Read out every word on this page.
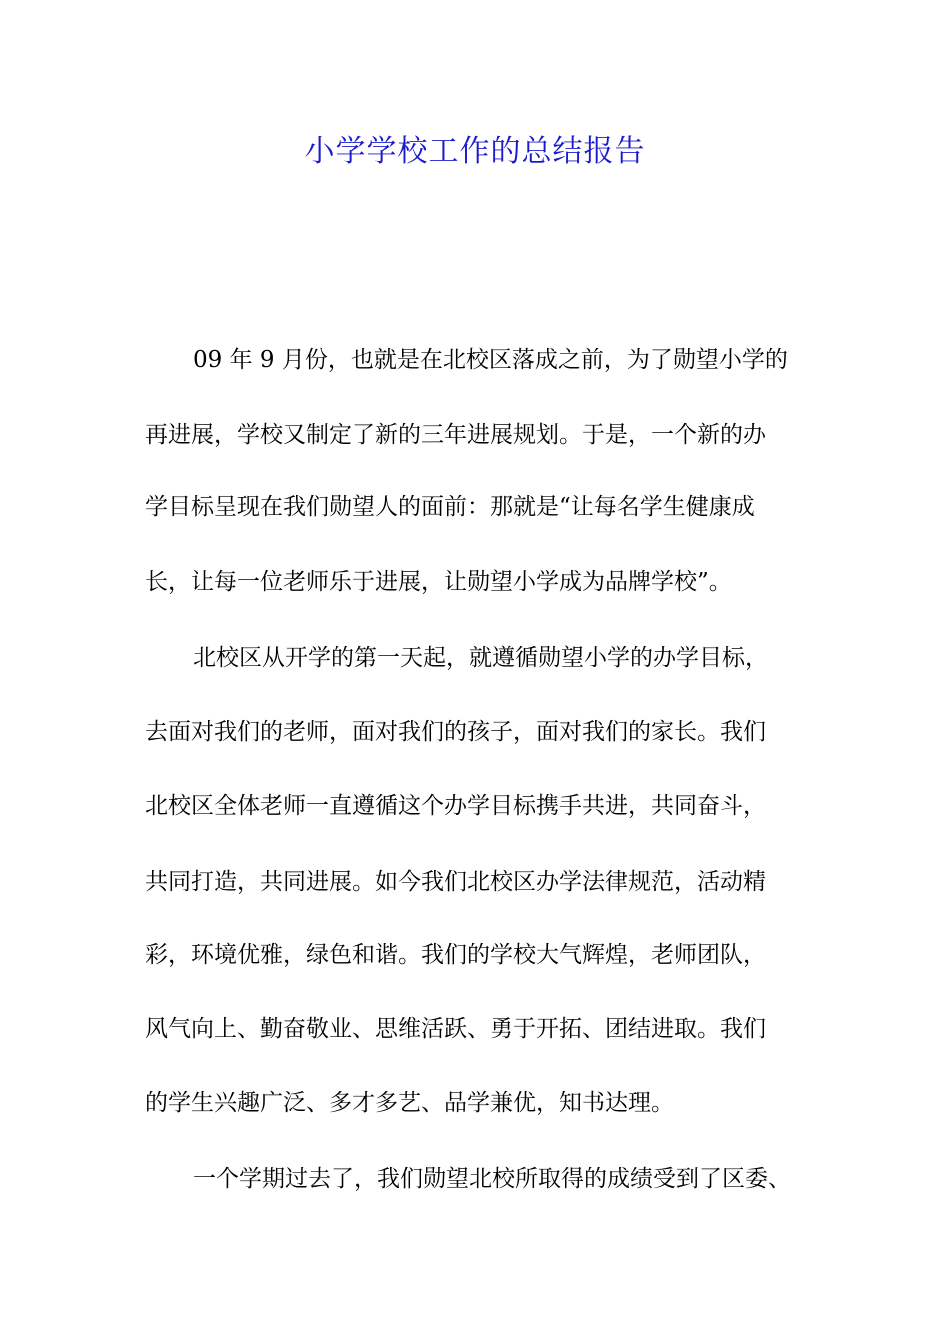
小学学校工作的总结报告
09 年 9 月份，也就是在北校区落成之前，为了勋望小学的
再进展，学校又制定了新的三年进展规划。于是，一个新的办
学目标呈现在我们勋望人的面前：那就是“让每名学生健康成
长，让每一位老师乐于进展，让勋望小学成为品牌学校”。
北校区从开学的第一天起，就遵循勋望小学的办学目标，
去面对我们的老师，面对我们的孩子，面对我们的家长。我们
北校区全体老师一直遵循这个办学目标携手共进，共同奋斗，
共同打造，共同进展。如今我们北校区办学法律规范，活动精
彩，环境优雅，绿色和谐。我们的学校大气辉煌，老师团队，
风气向上、勤奋敬业、思维活跃、勇于开拓、团结进取。我们
的学生兴趣广泛、多才多艺、品学兼优，知书达理。
一个学期过去了，我们勋望北校所取得的成绩受到了区委、
